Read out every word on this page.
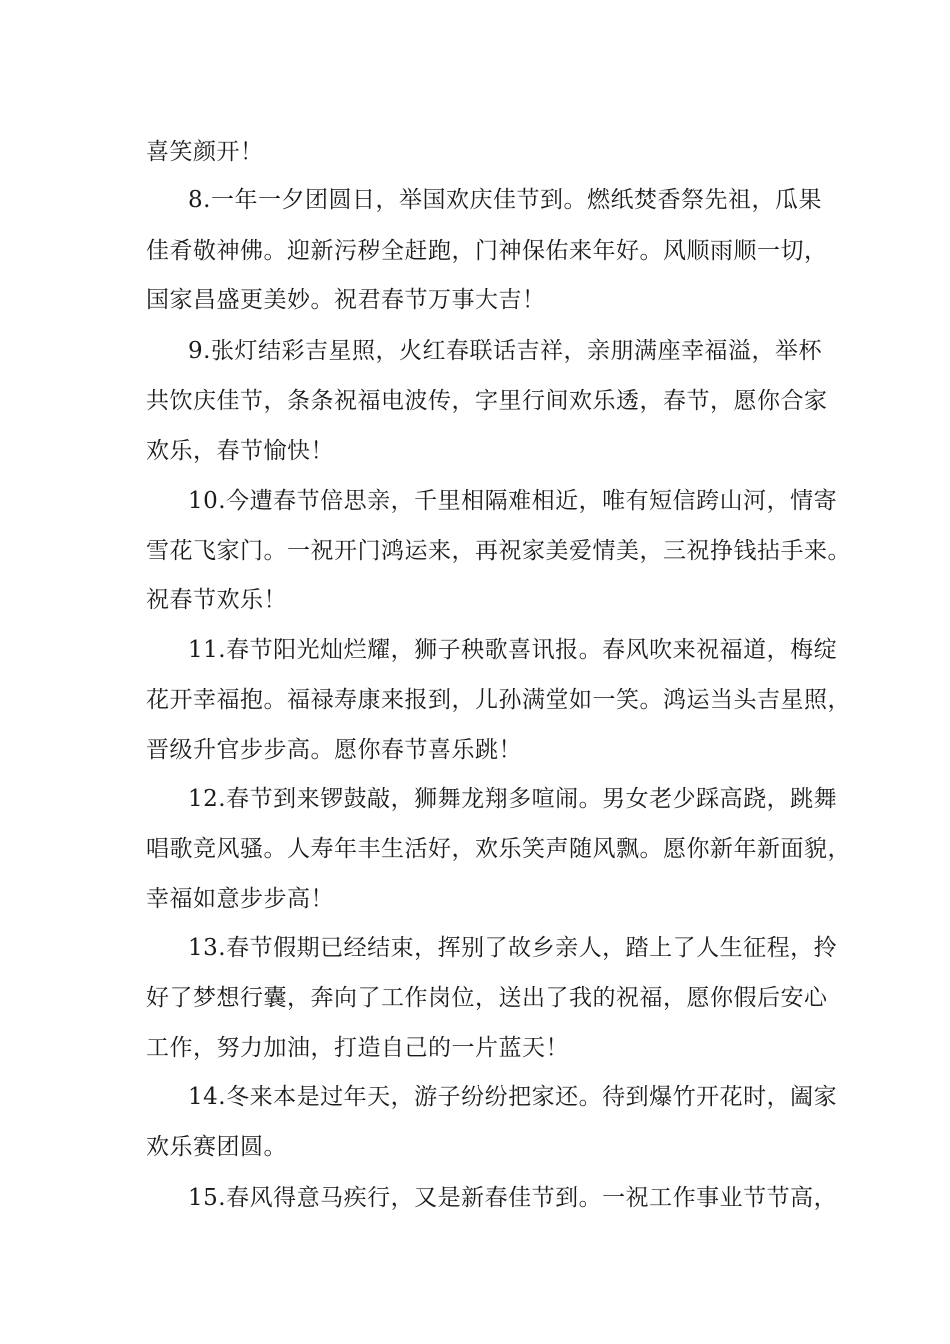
喜笑颜开！
8.一年一夕团圆日，举国欢庆佳节到。燃纸焚香祭先祖，瓜果
佳肴敬神佛。迎新污秽全赶跑，门神保佑来年好。风顺雨顺一切，
国家昌盛更美妙。祝君春节万事大吉！
9.张灯结彩吉星照，火红春联话吉祥，亲朋满座幸福溢，举杯
共饮庆佳节，条条祝福电波传，字里行间欢乐透，春节，愿你合家
欢乐，春节愉快！
10.今遭春节倍思亲，千里相隔难相近，唯有短信跨山河，情寄
雪花飞家门。一祝开门鸿运来，再祝家美爱情美，三祝挣钱拈手来。
祝春节欢乐！
11.春节阳光灿烂耀，狮子秧歌喜讯报。春风吹来祝福道，梅绽
花开幸福抱。福禄寿康来报到，儿孙满堂如一笑。鸿运当头吉星照，
晋级升官步步高。愿你春节喜乐跳！
12.春节到来锣鼓敲，狮舞龙翔多喧闹。男女老少踩高跷，跳舞
唱歌竞风骚。人寿年丰生活好，欢乐笑声随风飘。愿你新年新面貌，
幸福如意步步高！
13.春节假期已经结束，挥别了故乡亲人，踏上了人生征程，拎
好了梦想行囊，奔向了工作岗位，送出了我的祝福，愿你假后安心
工作，努力加油，打造自己的一片蓝天！
14.冬来本是过年天，游子纷纷把家还。待到爆竹开花时，阖家
欢乐赛团圆。
15.春风得意马疾行，又是新春佳节到。一祝工作事业节节高，
